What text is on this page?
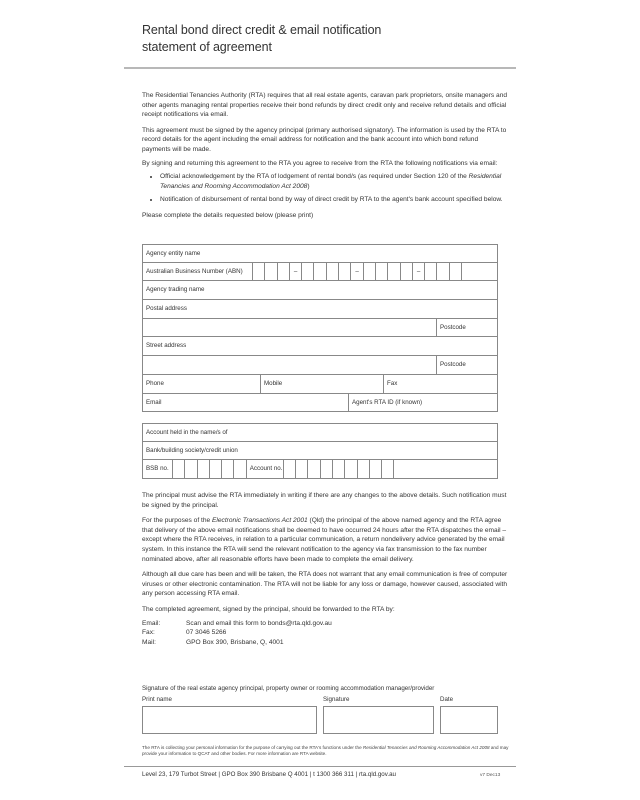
Rental bond direct credit & email notification
statement of agreement

The Residential Tenancies Authority (RTA) requires that all real estate agents, caravan park proprietors, onsite managers and other agents managing rental properties receive their bond refunds by direct credit only and receive refund details and official receipt notifications via email.

This agreement must be signed by the agency principal (primary authorised signatory). The information is used by the RTA to record details for the agent including the email address for notification and the bank account into which bond refund payments will be made.

By signing and returning this agreement to the RTA you agree to receive from the RTA the following notifications via email:

• Official acknowledgement by the RTA of lodgement of rental bond/s (as required under Section 120 of the Residential Tenancies and Rooming Accommodation Act 2008)
• Notification of disbursement of rental bond by way of direct credit by RTA to the agent's bank account specified below.

Please complete the details requested below (please print)

Agency entity name
Australian Business Number (ABN)	–	–	–
Agency trading name
Postal address
Postcode
Street address
Postcode
Phone	Mobile	Fax
Email	Agent's RTA ID (if known)
Account held in the name/s of
Bank/building society/credit union
BSB no.	Account no.

The principal must advise the RTA immediately in writing if there are any changes to the above details. Such notification must be signed by the principal.

For the purposes of the Electronic Transactions Act 2001 (Qld) the principal of the above named agency and the RTA agree that delivery of the above email notifications shall be deemed to have occurred 24 hours after the RTA dispatches the email – except where the RTA receives, in relation to a particular communication, a return nondelivery advice generated by the email system. In this instance the RTA will send the relevant notification to the agency via fax transmission to the fax number nominated above, after all reasonable efforts have been made to complete the email delivery.

Although all due care has been and will be taken, the RTA does not warrant that any email communication is free of computer viruses or other electronic contamination. The RTA will not be liable for any loss or damage, however caused, associated with any person accessing RTA email.

The completed agreement, signed by the principal, should be forwarded to the RTA by:

Email:	Scan and email this form to bonds@rta.qld.gov.au
Fax:	07 3046 5266
Mail:	GPO Box 390, Brisbane, Q, 4001
Signature of the real estate agency principal, property owner or rooming accommodation manager/provider
Print name	Signature	Date
The RTA is collecting your personal information for the purpose of carrying out the RTA's functions under the Residential Tenancies and Rooming Accommodation Act 2008 and may provide your information to QCAT and other bodies. For more information are RTA website.
Level 23, 179 Turbot Street | GPO Box 390 Brisbane Q 4001 | t 1300 366 311 | rta.qld.gov.au	v7 Dec13
